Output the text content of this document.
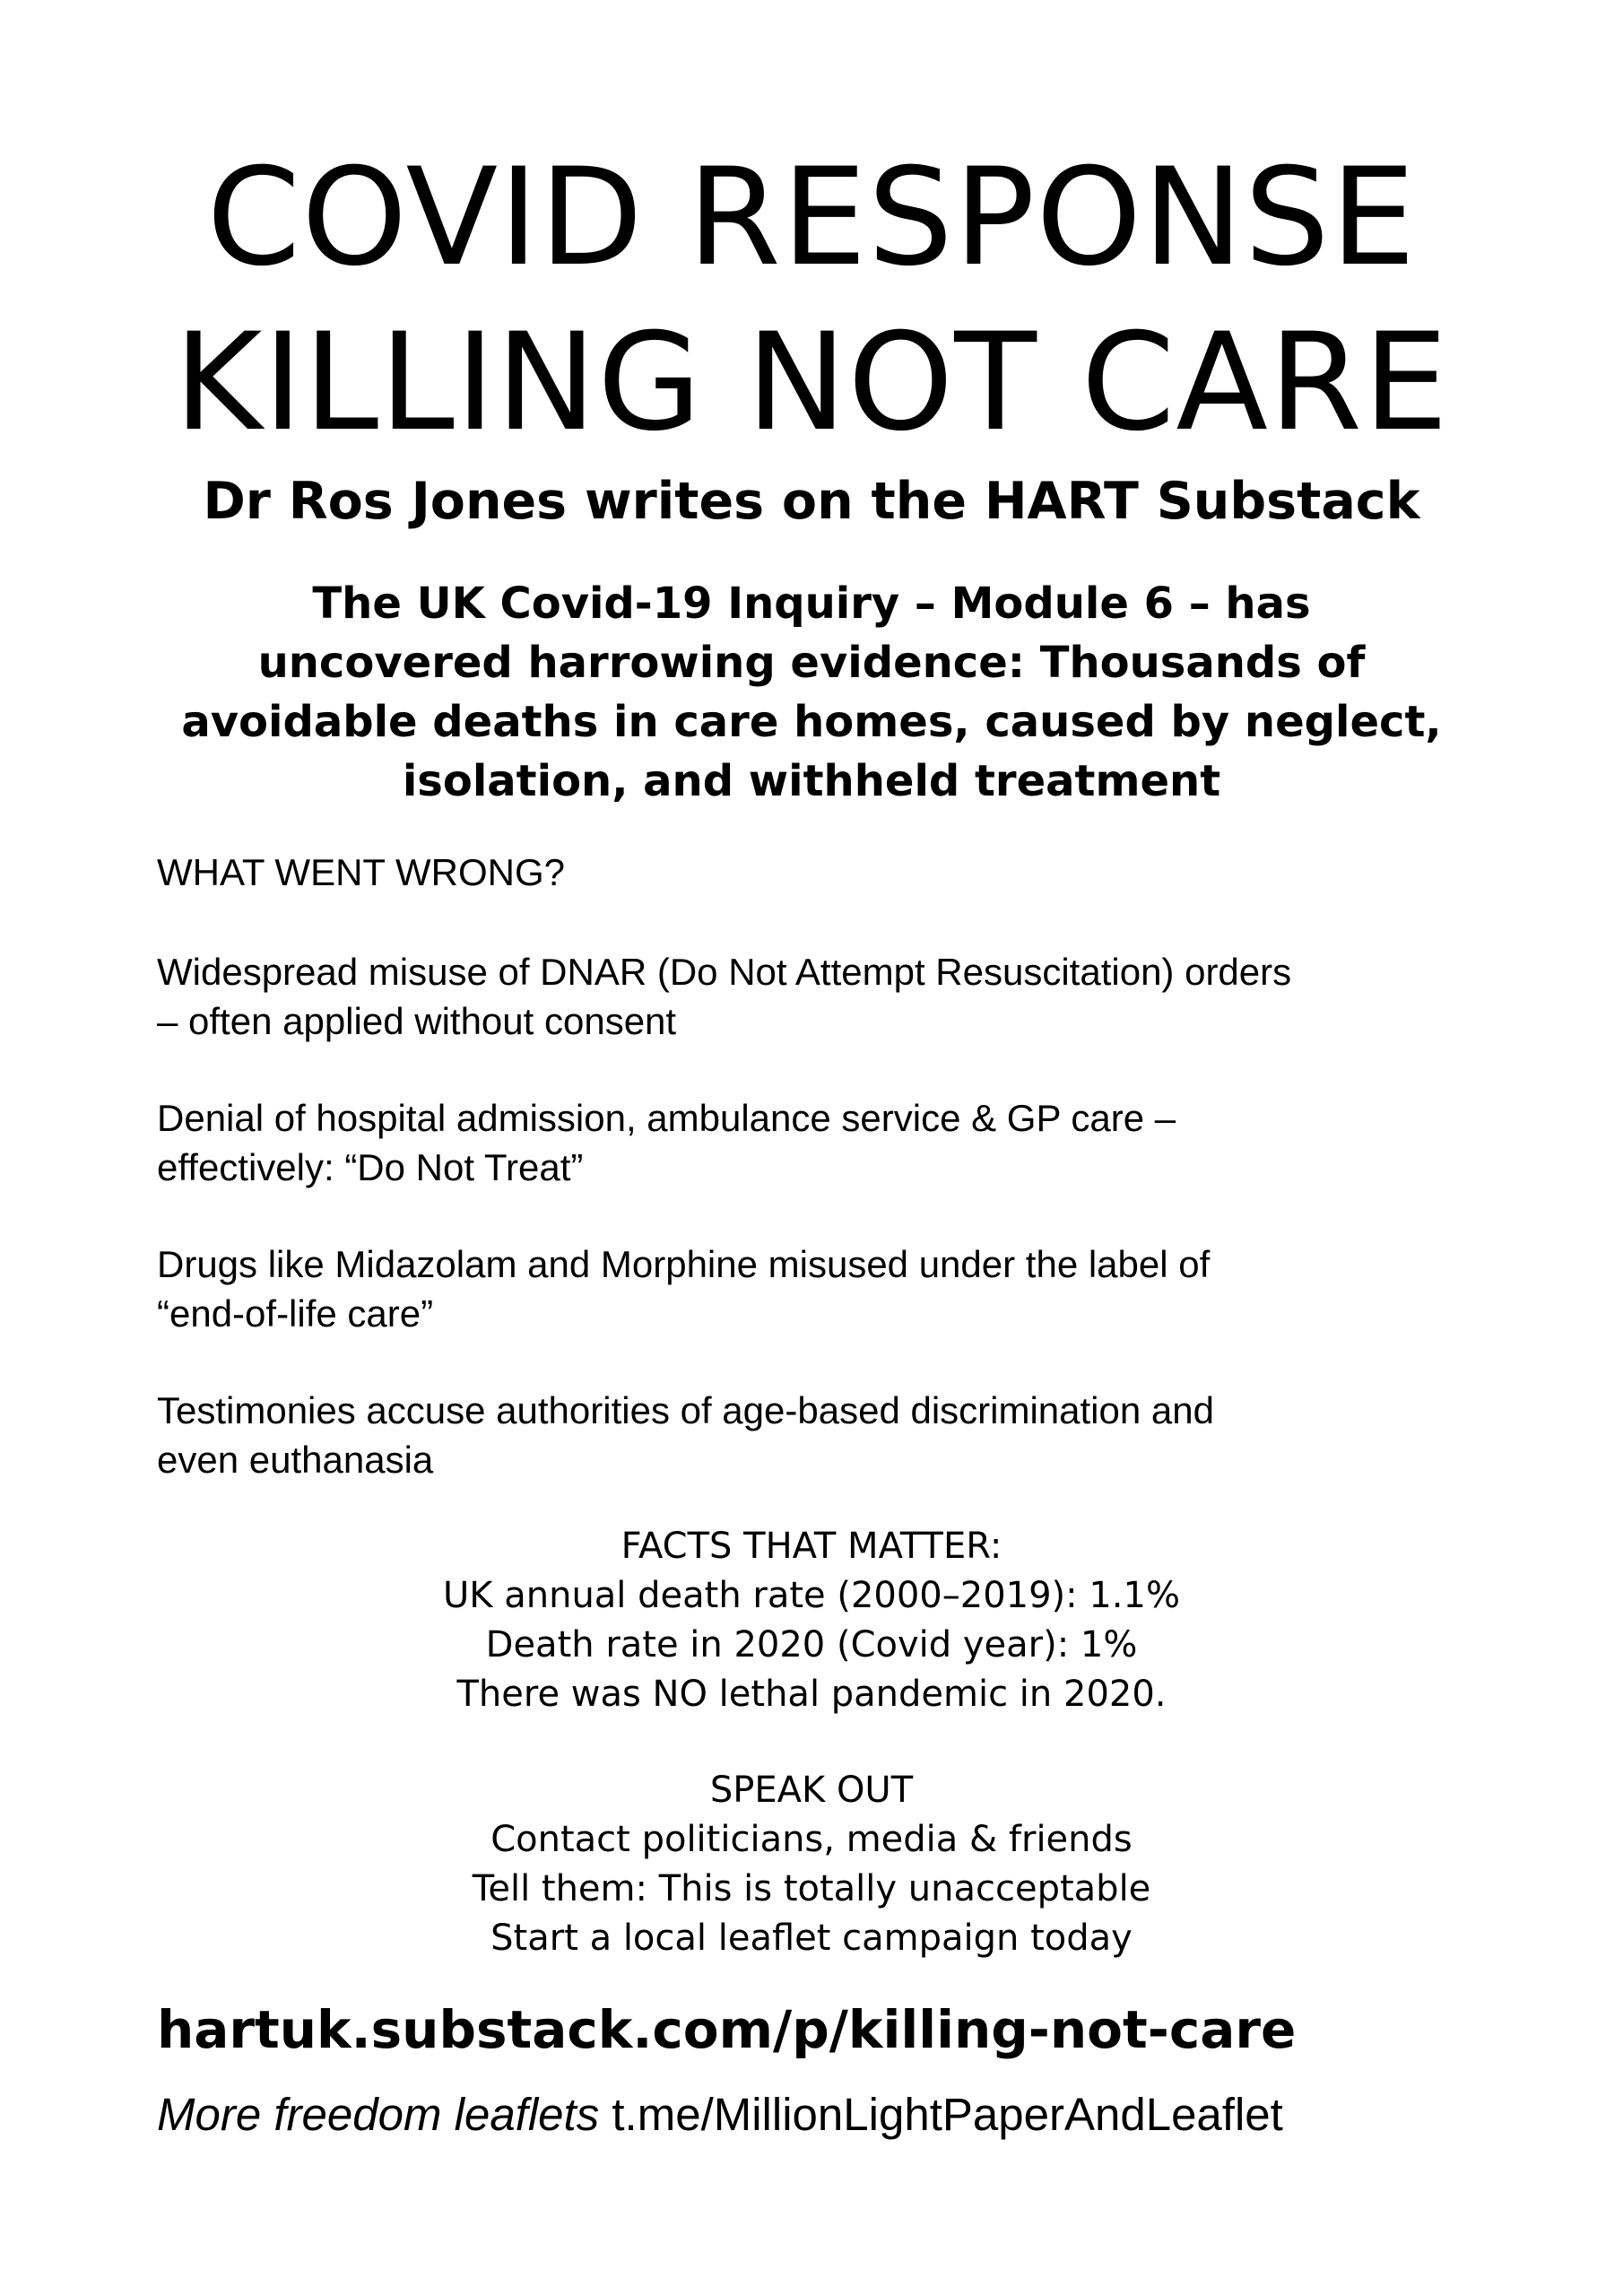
COVID RESPONSE
KILLING NOT CARE
Dr Ros Jones writes on the HART Substack
The UK Covid-19 Inquiry – Module 6 – has
uncovered harrowing evidence: Thousands of
avoidable deaths in care homes, caused by neglect,
isolation, and withheld treatment
WHAT WENT WRONG?
Widespread misuse of DNAR (Do Not Attempt Resuscitation) orders
– often applied without consent
Denial of hospital admission, ambulance service & GP care –
effectively: “Do Not Treat”
Drugs like Midazolam and Morphine misused under the label of
“end-of-life care”
Testimonies accuse authorities of age-based discrimination and
even euthanasia
FACTS THAT MATTER:
UK annual death rate (2000–2019): 1.1%
Death rate in 2020 (Covid year): 1%
There was NO lethal pandemic in 2020.
SPEAK OUT
Contact politicians, media & friends
Tell them: This is totally unacceptable
Start a local leaflet campaign today
hartuk.substack.com/p/killing-not-care
More freedom leaflets t.me/MillionLightPaperAndLeaflet
